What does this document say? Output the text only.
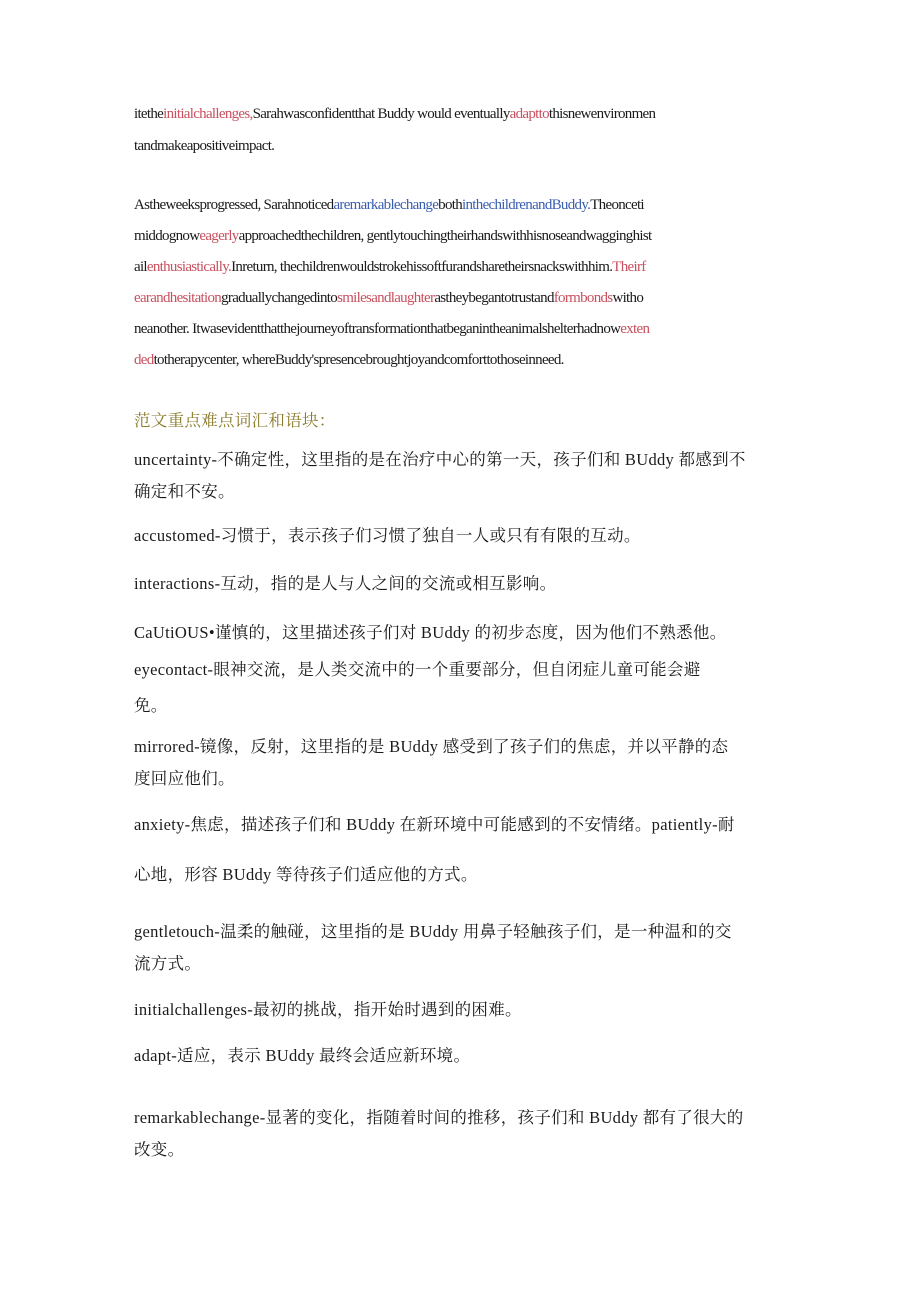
itetheinitialchallenges,Sarahwasconfidentthat Buddy would eventuallyadapttothisnewenvironmen
tandmakeapositiveimpact.
Astheweeksprogressed, SarahnoticedaremarkablechangebothinthechildrenandBuddy.Theonceti
middognoweagerlyapproachedthechildren, gentlytouchingtheirhandswithhisnoseandwagginghist
ailenthusiastically.Inreturn, thechildrenwouldstrokehissoftfurandsharetheirsnackswithhim.Theirf
earandhesitationgraduallychangedintosmilesandlaughterastheybegantotrustandformbondswitho
neanother. Itwasevidentthatthejourneyoftransformationthatbeganintheanimalshelterhadnowexten
dedtotherapycenter, whereBuddy'spresencebroughtjoyandcomforttothoseinneed.
范文重点难点词汇和语块：
uncertainty-不确定性，这里指的是在治疗中心的第一天，孩子们和 BUddy 都感到不
确定和不安。
accustomed-习惯于，表示孩子们习惯了独自一人或只有有限的互动。
interactions-互动，指的是人与人之间的交流或相互影响。
CaUtiOUS•谨慎的，这里描述孩子们对 BUddy 的初步态度，因为他们不熟悉他。
eyecontact-眼神交流，是人类交流中的一个重要部分，但自闭症儿童可能会避
免。
mirrored-镜像，反射，这里指的是 BUddy 感受到了孩子们的焦虑，并以平静的态
度回应他们。
anxiety-焦虑，描述孩子们和 BUddy 在新环境中可能感到的不安情绪。patiently-耐
心地，形容 BUddy 等待孩子们适应他的方式。
gentletouch-温柔的触碰，这里指的是 BUddy 用鼻子轻触孩子们，是一种温和的交
流方式。
initialchallenges-最初的挑战，指开始时遇到的困难。
adapt-适应，表示 BUddy 最终会适应新环境。
remarkablechange-显著的变化，指随着时间的推移，孩子们和 BUddy 都有了很大的
改变。
